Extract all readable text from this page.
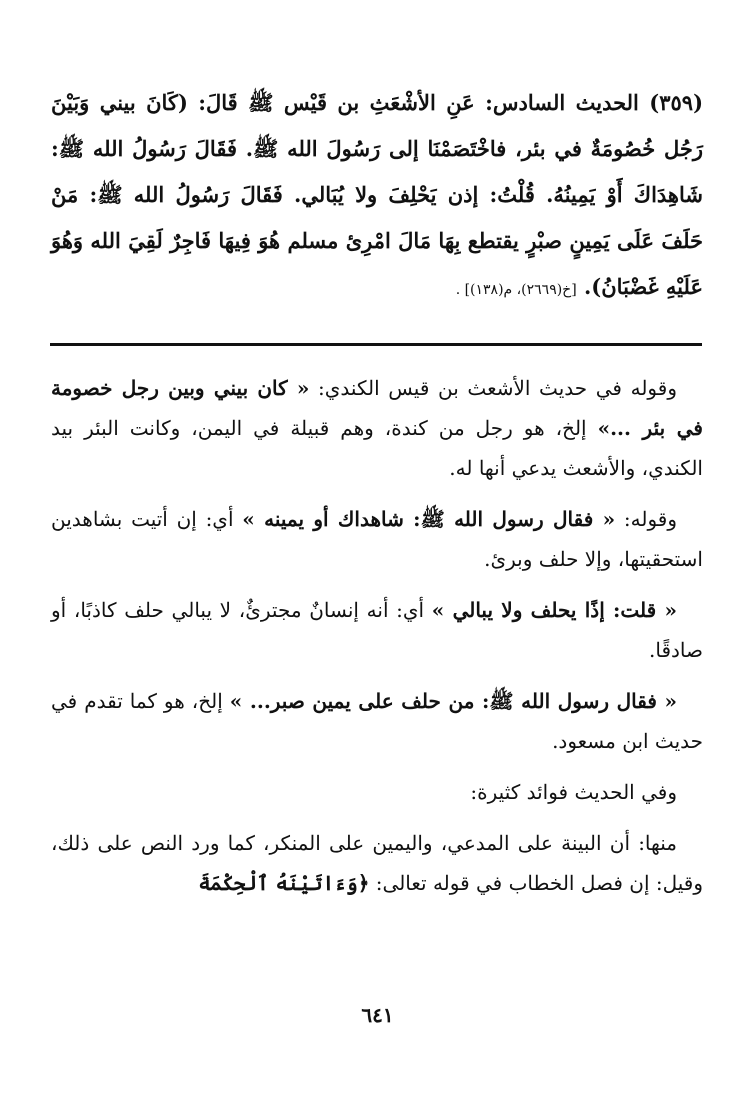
(٣٥٩) الحديث السادس: عَنِ الأشْعَثِ بن قَيْس ﷺ قَالَ: (كَانَ بيني وَبَيْنَ رَجُل خُصُومَةٌ في بئر، فاخْتَصَمْنَا إلى رَسُولَ الله ﷺ. فَقَالَ رَسُولُ الله ﷺ: شَاهِدَاكَ أَوْ يَمِينُهُ. قُلْتُ: إذن يَحْلِفَ ولا يُبَالي. فَقَالَ رَسُولُ الله ﷺ: مَنْ حَلَفَ عَلَى يَمِينٍ صبْرٍ يقتطع بِهَا مَالَ امْرِئ مسلم هُوَ فِيهَا فَاجِرٌ لَقِيَ الله وَهُوَ عَلَيْهِ غَضْبَانُ). [خ(٢٦٦٩)، م(١٣٨)] .

وقوله في حديث الأشعث بن قيس الكندي: « كان بيني وبين رجل خصومة في بئر ...» إلخ، هو رجل من كندة، وهم قبيلة في اليمن، وكانت البئر بيد الكندي، والأشعث يدعي أنها له.

وقوله: « فقال رسول الله ﷺ: شاهداك أو يمينه » أي: إن أتيت بشاهدين استحقيتها، وإلا حلف وبرئ.

« قلت: إذًا يحلف ولا يبالي » أي: أنه إنسانٌ مجترئٌ، لا يبالي حلف كاذبًا، أو صادقًا.

« فقال رسول الله ﷺ: من حلف على يمين صبر... » إلخ، هو كما تقدم في حديث ابن مسعود.

وفي الحديث فوائد كثيرة:

منها: أن البينة على المدعي، واليمين على المنكر، كما ورد النص على ذلك، وقيل: إن فصل الخطاب في قوله تعالى: ﴿وَءَاتَيْنَهُ ٱلْحِكْمَةَ

٦٤١
